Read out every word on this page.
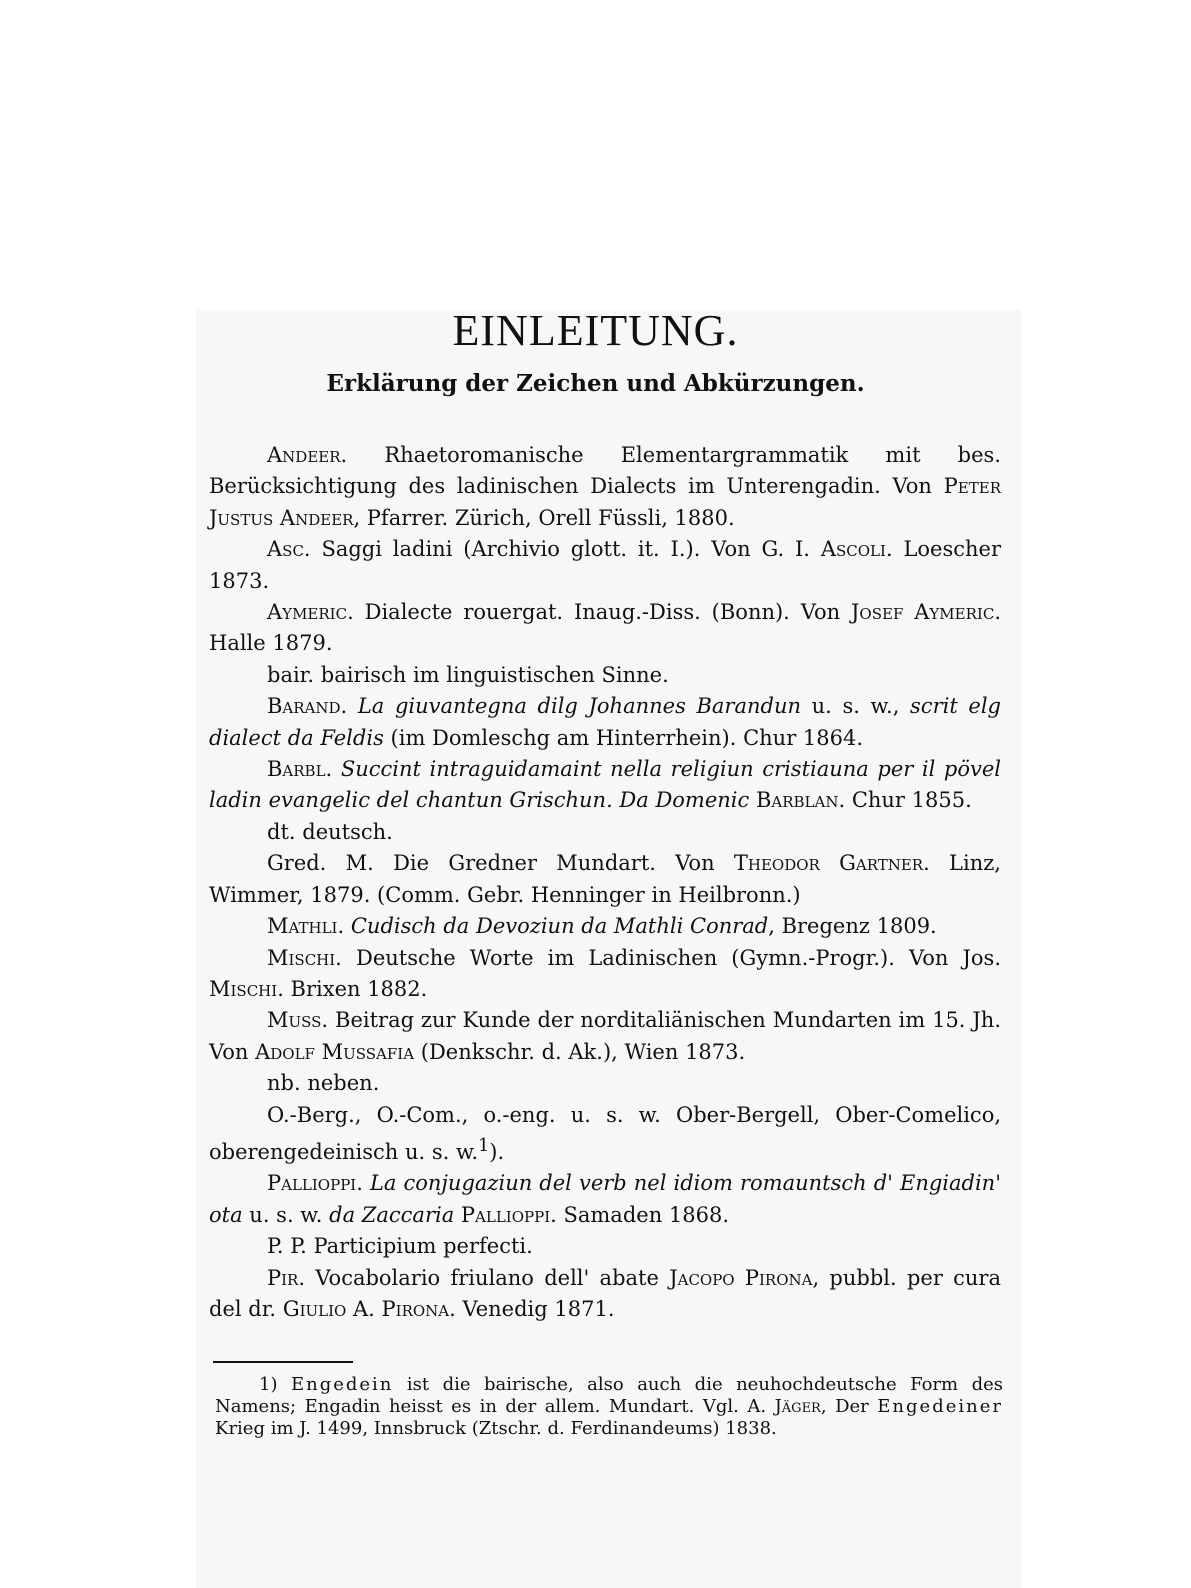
EINLEITUNG.
Erklärung der Zeichen und Abkürzungen.

Andeer. Rhaetoromanische Elementargrammatik mit bes. Berücksichtigung des ladinischen Dialects im Unterengadin. Von Peter Justus Andeer, Pfarrer. Zürich, Orell Füssli, 1880.

Asc. Saggi ladini (Archivio glott. it. I.). Von G. I. Ascoli. Loescher 1873.

Aymeric. Dialecte rouergat. Inaug.-Diss. (Bonn). Von Josef Aymeric. Halle 1879.

bair. bairisch im linguistischen Sinne.

Barand. La giuvantegna dilg Johannes Barandun u. s. w., scrit elg dialect da Feldis (im Domleschg am Hinterrhein). Chur 1864.

Barbl. Succint intraguidamaint nella religiun cristiauna per il pövel ladin evangelic del chantun Grischun. Da Domenic Barblan. Chur 1855.

dt. deutsch.

Gred. M. Die Gredner Mundart. Von Theodor Gartner. Linz, Wimmer, 1879. (Comm. Gebr. Henninger in Heilbronn.)

Mathli. Cudisch da Devoziun da Mathli Conrad, Bregenz 1809.

Mischi. Deutsche Worte im Ladinischen (Gymn.-Progr.). Von Jos. Mischi. Brixen 1882.

Muss. Beitrag zur Kunde der norditaliänischen Mundarten im 15. Jh. Von Adolf Mussafia (Denkschr. d. Ak.), Wien 1873.

nb. neben.

O.-Berg., O.-Com., o.-eng. u. s. w. Ober-Bergell, Ober-Comelico, oberengedeinisch u. s. w.$^1$).

Pallioppi. La conjugaziun del verb nel idiom romauntsch d' Engiadin' ota u. s. w. da Zaccaria Pallioppi. Samaden 1868.

P. P. Participium perfecti.

Pir. Vocabolario friulano dell' abate Jacopo Pirona, pubbl. per cura del dr. Giulio A. Pirona. Venedig 1871.

1) Engedein ist die bairische, also auch die neuhochdeutsche Form des Namens; Engadin heisst es in der allem. Mundart. Vgl. A. Jäger, Der Engedeiner Krieg im J. 1499, Innsbruck (Ztschr. d. Ferdinandeums) 1838.
